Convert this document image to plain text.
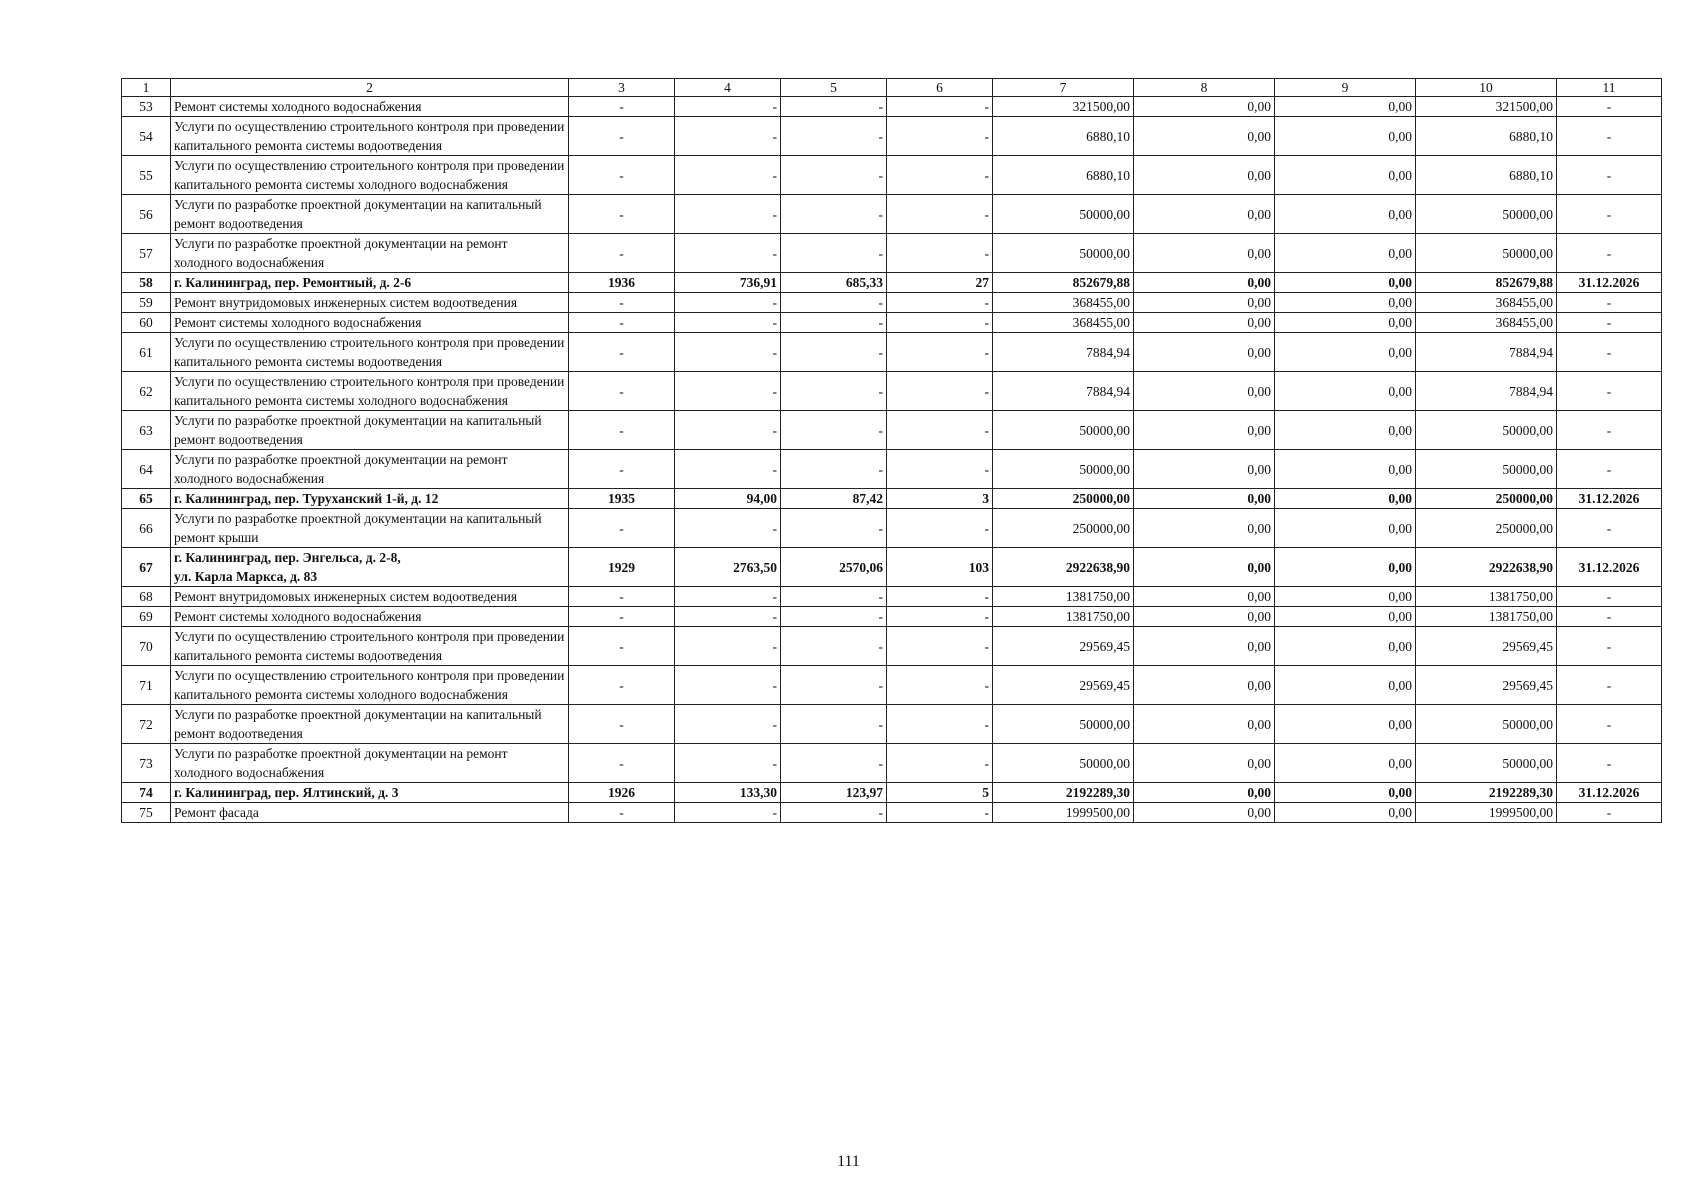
1	2	3	4	5	6	7	8	9	10	11
53	Ремонт системы холодного водоснабжения	-	-	-	-	321500,00	0,00	0,00	321500,00	-
54	Услуги по осуществлению строительного контроля при проведении капитального ремонта системы водоотведения	-	-	-	-	6880,10	0,00	0,00	6880,10	-
55	Услуги по осуществлению строительного контроля при проведении капитального ремонта системы холодного водоснабжения	-	-	-	-	6880,10	0,00	0,00	6880,10	-
56	Услуги по разработке проектной документации на капитальный ремонт водоотведения	-	-	-	-	50000,00	0,00	0,00	50000,00	-
57	Услуги по разработке проектной документации на ремонт холодного водоснабжения	-	-	-	-	50000,00	0,00	0,00	50000,00	-
58	г. Калининград, пер. Ремонтный, д. 2-6	1936	736,91	685,33	27	852679,88	0,00	0,00	852679,88	31.12.2026
59	Ремонт внутридомовых инженерных систем водоотведения	-	-	-	-	368455,00	0,00	0,00	368455,00	-
60	Ремонт системы холодного водоснабжения	-	-	-	-	368455,00	0,00	0,00	368455,00	-
61	Услуги по осуществлению строительного контроля при проведении капитального ремонта системы водоотведения	-	-	-	-	7884,94	0,00	0,00	7884,94	-
62	Услуги по осуществлению строительного контроля при проведении капитального ремонта системы холодного водоснабжения	-	-	-	-	7884,94	0,00	0,00	7884,94	-
63	Услуги по разработке проектной документации на капитальный ремонт водоотведения	-	-	-	-	50000,00	0,00	0,00	50000,00	-
64	Услуги по разработке проектной документации на ремонт холодного водоснабжения	-	-	-	-	50000,00	0,00	0,00	50000,00	-
65	г. Калининград, пер. Туруханский 1-й, д. 12	1935	94,00	87,42	3	250000,00	0,00	0,00	250000,00	31.12.2026
66	Услуги по разработке проектной документации на капитальный ремонт крыши	-	-	-	-	250000,00	0,00	0,00	250000,00	-
67	г. Калининград, пер. Энгельса, д. 2-8,
ул. Карла Маркса, д. 83	1929	2763,50	2570,06	103	2922638,90	0,00	0,00	2922638,90	31.12.2026
68	Ремонт внутридомовых инженерных систем водоотведения	-	-	-	-	1381750,00	0,00	0,00	1381750,00	-
69	Ремонт системы холодного водоснабжения	-	-	-	-	1381750,00	0,00	0,00	1381750,00	-
70	Услуги по осуществлению строительного контроля при проведении капитального ремонта системы водоотведения	-	-	-	-	29569,45	0,00	0,00	29569,45	-
71	Услуги по осуществлению строительного контроля при проведении капитального ремонта системы холодного водоснабжения	-	-	-	-	29569,45	0,00	0,00	29569,45	-
72	Услуги по разработке проектной документации на капитальный ремонт водоотведения	-	-	-	-	50000,00	0,00	0,00	50000,00	-
73	Услуги по разработке проектной документации на ремонт холодного водоснабжения	-	-	-	-	50000,00	0,00	0,00	50000,00	-
74	г. Калининград, пер. Ялтинский, д. 3	1926	133,30	123,97	5	2192289,30	0,00	0,00	2192289,30	31.12.2026
75	Ремонт фасада	-	-	-	-	1999500,00	0,00	0,00	1999500,00	-
111
